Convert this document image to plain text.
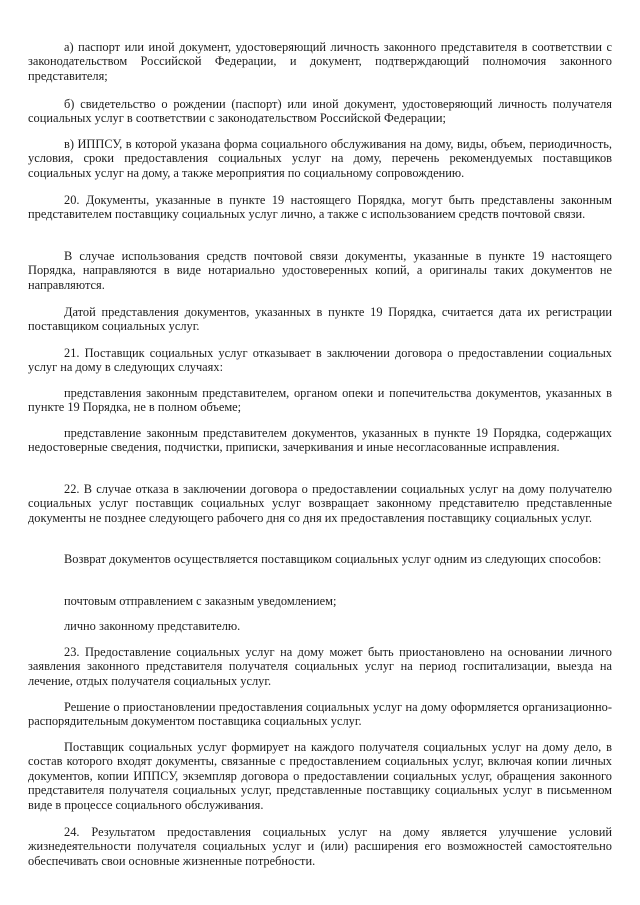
а) паспорт или иной документ, удостоверяющий личность законного представителя в соответствии с законодательством Российской Федерации, и документ, подтверждающий полномочия законного представителя;

б) свидетельство о рождении (паспорт) или иной документ, удостоверяющий личность получателя социальных услуг в соответствии с законодательством Российской Федерации;

в) ИППСУ, в которой указана форма социального обслуживания на дому, виды, объем, периодичность, условия, сроки предоставления социальных услуг на дому, перечень рекомендуемых поставщиков социальных услуг на дому, а также мероприятия по социальному сопровождению.

20. Документы, указанные в пункте 19 настоящего Порядка, могут быть представлены законным представителем поставщику социальных услуг лично, а также с использованием средств почтовой связи.

В случае использования средств почтовой связи документы, указанные в пункте 19 настоящего Порядка, направляются в виде нотариально удостоверенных копий, а оригиналы таких документов не направляются.

Датой представления документов, указанных в пункте 19 Порядка, считается дата их регистрации поставщиком социальных услуг.

21. Поставщик социальных услуг отказывает в заключении договора о предоставлении социальных услуг на дому в следующих случаях:

представления законным представителем, органом опеки и попечительства документов, указанных в пункте 19 Порядка, не в полном объеме;

представление законным представителем документов, указанных в пункте 19 Порядка, содержащих недостоверные сведения, подчистки, приписки, зачеркивания и иные несогласованные исправления.

22. В случае отказа в заключении договора о предоставлении социальных услуг на дому получателю социальных услуг поставщик социальных услуг возвращает законному представителю представленные документы не позднее следующего рабочего дня со дня их предоставления поставщику социальных услуг.

Возврат документов осуществляется поставщиком социальных услуг одним из следующих способов:

почтовым отправлением с заказным уведомлением;

лично законному представителю.

23. Предоставление социальных услуг на дому может быть приостановлено на основании личного заявления законного представителя получателя социальных услуг на период госпитализации, выезда на лечение, отдых получателя социальных услуг.

Решение о приостановлении предоставления социальных услуг на дому оформляется организационно-распорядительным документом поставщика социальных услуг.

Поставщик социальных услуг формирует на каждого получателя социальных услуг на дому дело, в состав которого входят документы, связанные с предоставлением социальных услуг, включая копии личных документов, копии ИППСУ, экземпляр договора о предоставлении социальных услуг, обращения законного представителя получателя социальных услуг, представленные поставщику социальных услуг в письменном виде в процессе социального обслуживания.

24. Результатом предоставления социальных услуг на дому является улучшение условий жизнедеятельности получателя социальных услуг и (или) расширения его возможностей самостоятельно обеспечивать свои основные жизненные потребности.
